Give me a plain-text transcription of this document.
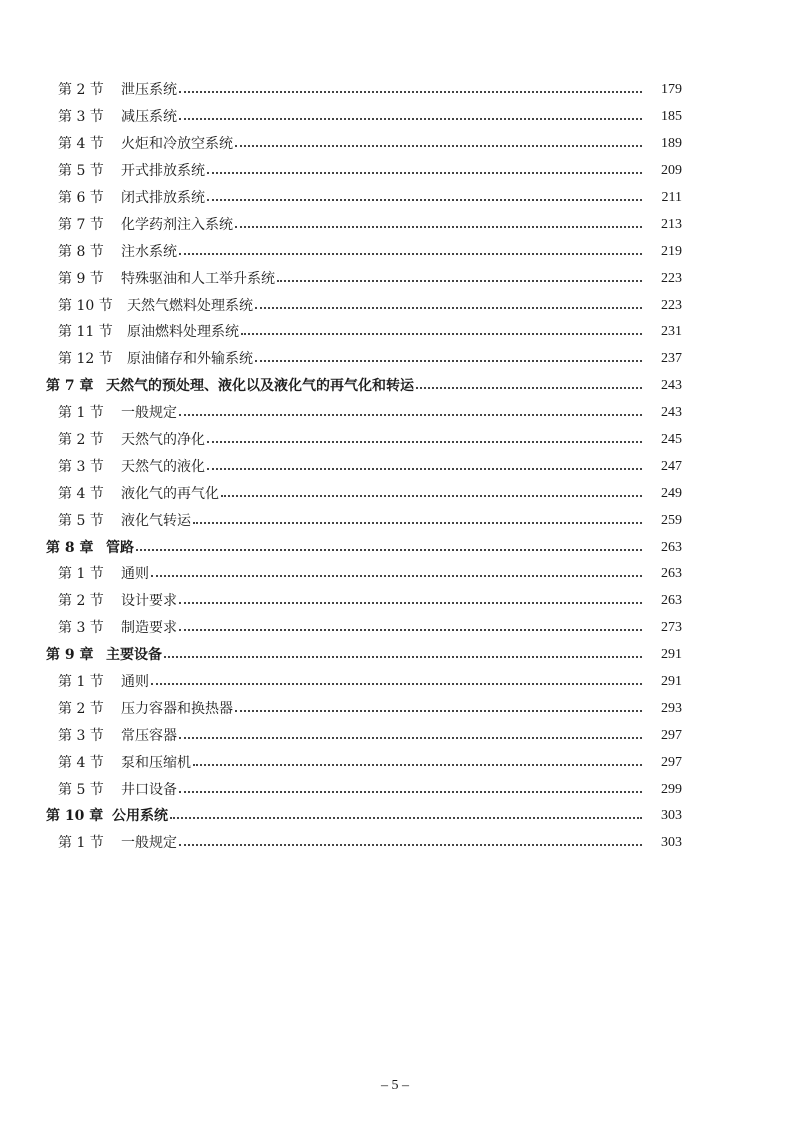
第 2 节	泄压系统	179
第 3 节	减压系统	185
第 4 节	火炬和冷放空系统	189
第 5 节	开式排放系统	209
第 6 节	闭式排放系统	211
第 7 节	化学药剂注入系统	213
第 8 节	注水系统	219
第 9 节	特殊驱油和人工举升系统	223
第 10 节	天然气燃料处理系统	223
第 11 节	原油燃料处理系统	231
第 12 节	原油储存和外输系统	237
第 7 章 天然气的预处理、液化以及液化气的再气化和转运	243
第 1 节	一般规定	243
第 2 节	天然气的净化	245
第 3 节	天然气的液化	247
第 4 节	液化气的再气化	249
第 5 节	液化气转运	259
第 8 章 管路	263
第 1 节	通则	263
第 2 节	设计要求	263
第 3 节	制造要求	273
第 9 章 主要设备	291
第 1 节	通则	291
第 2 节	压力容器和换热器	293
第 3 节	常压容器	297
第 4 节	泵和压缩机	297
第 5 节	井口设备	299
第 10 章 公用系统	303
第 1 节	一般规定	303
– 5 –
